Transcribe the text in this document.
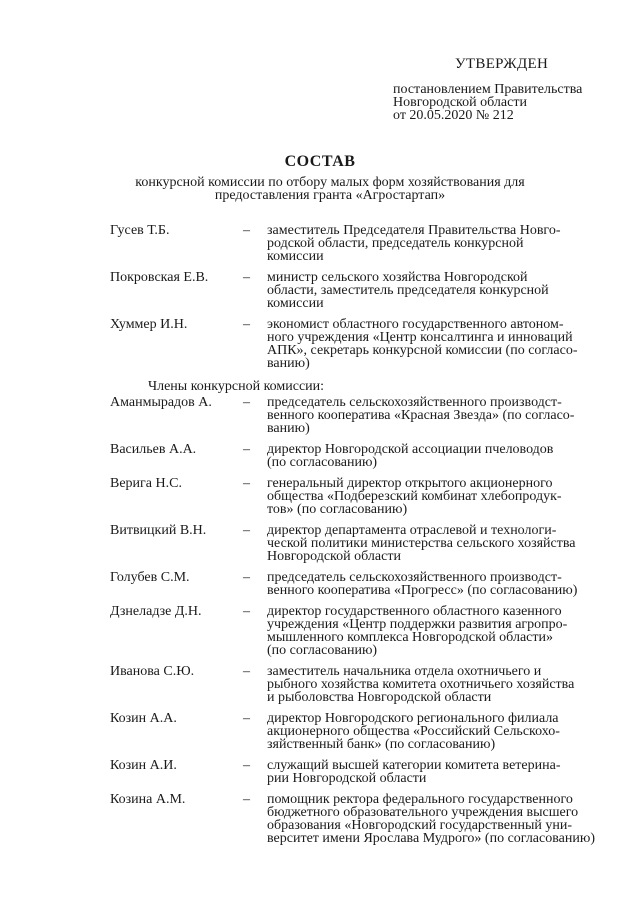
УТВЕРЖДЕН
постановлением Правительства
Новгородской области
от 20.05.2020 № 212
СОСТАВ
конкурсной комиссии по отбору малых форм хозяйствования для
предоставления гранта «Агростартап»
Гусев Т.Б.	– заместитель Председателя Правительства Новго-
родской области, председатель конкурсной
комиссии
Покровская Е.В. – министр сельского хозяйства Новгородской
области, заместитель председателя конкурсной
комиссии
Хуммер И.Н.	– экономист областного государственного автоном-
ного учреждения «Центр консалтинга и инноваций
АПК», секретарь конкурсной комиссии (по согласо-
ванию)
Члены конкурсной комиссии:
Аманмырадов А. – председатель сельскохозяйственного производст-
венного кооператива «Красная Звезда» (по согласо-
ванию)
Васильев А.А.	– директор Новгородской ассоциации пчеловодов
(по согласованию)
Верига Н.С.	– генеральный директор открытого акционерного
общества «Подберезский комбинат хлебопродук-
тов» (по согласованию)
Витвицкий В.Н.	– директор департамента отраслевой и технологи-
ческой политики министерства сельского хозяйства
Новгородской области
Голубев С.М.	– председатель сельскохозяйственного производст-
венного кооператива «Прогресс» (по согласованию)
Дзнеладзе Д.Н.	– директор государственного областного казенного
учреждения «Центр поддержки развития агропро-
мышленного комплекса Новгородской области»
(по согласованию)
Иванова С.Ю.	– заместитель начальника отдела охотничьего и
рыбного хозяйства комитета охотничьего хозяйства
и рыболовства Новгородской области
Козин А.А.	– директор Новгородского регионального филиала
акционерного общества «Российский Сельскохо-
зяйственный банк» (по согласованию)
Козин А.И.	– служащий высшей категории комитета ветерина-
рии Новгородской области
Козина А.М.	– помощник ректора федерального государственного
бюджетного образовательного учреждения высшего
образования «Новгородский государственный уни-
верситет имени Ярослава Мудрого» (по согласованию)
